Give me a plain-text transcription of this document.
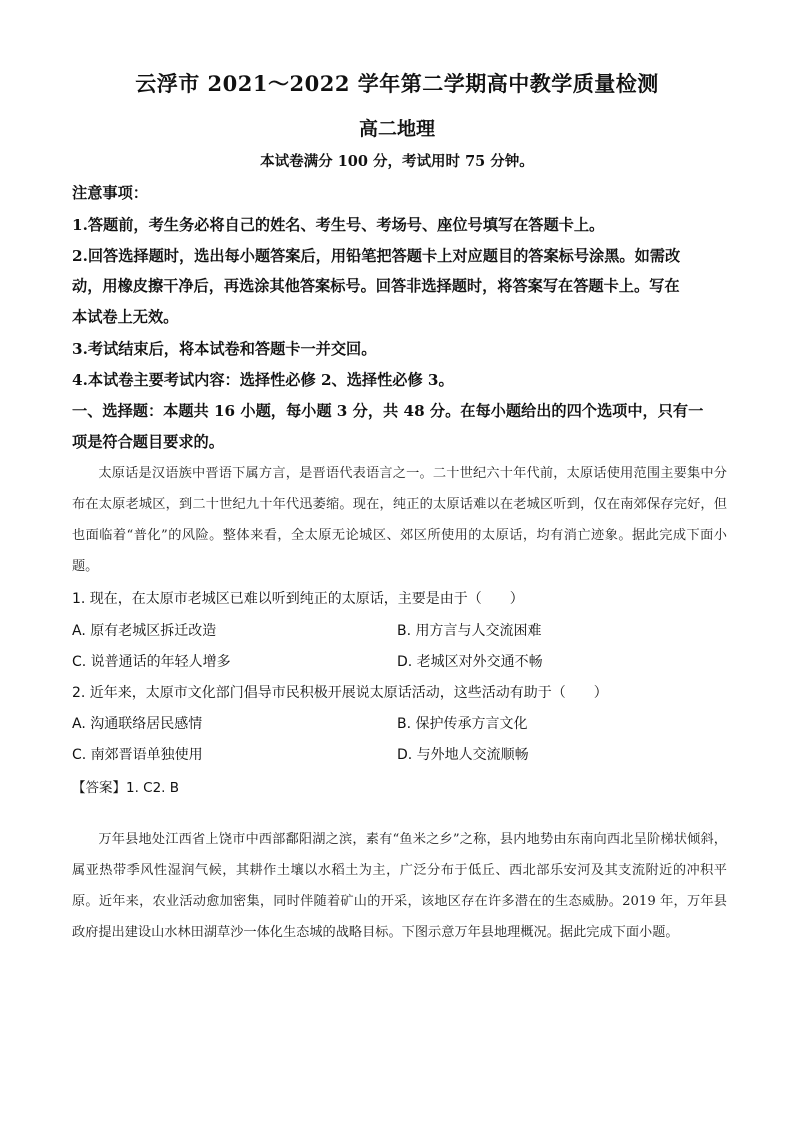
云浮市 2021～2022 学年第二学期高中教学质量检测
高二地理
本试卷满分 100 分，考试用时 75 分钟。
注意事项：
1.答题前，考生务必将自己的姓名、考生号、考场号、座位号填写在答题卡上。
2.回答选择题时，选出每小题答案后，用铅笔把答题卡上对应题目的答案标号涂黑。如需改
动，用橡皮擦干净后，再选涂其他答案标号。回答非选择题时，将答案写在答题卡上。写在
本试卷上无效。
3.考试结束后，将本试卷和答题卡一并交回。
4.本试卷主要考试内容：选择性必修 2、选择性必修 3。
一、选择题：本题共 16 小题，每小题 3 分，共 48 分。在每小题给出的四个选项中，只有一
项是符合题目要求的。
太原话是汉语族中晋语下属方言，是晋语代表语言之一。二十世纪六十年代前，太原话使用范围主要集中分布在太原老城区，到二十世纪九十年代迅萎缩。现在，纯正的太原话难以在老城区听到，仅在南郊保存完好，但也面临着“普化”的风险。整体来看，全太原无论城区、郊区所使用的太原话，均有消亡迹象。据此完成下面小题。
1. 现在，在太原市老城区已难以听到纯正的太原话，主要是由于（　　）
A. 原有老城区拆迁改造	B. 用方言与人交流困难
C. 说普通话的年轻人增多	D. 老城区对外交通不畅
2. 近年来，太原市文化部门倡导市民积极开展说太原话活动，这些活动有助于（　　）
A. 沟通联络居民感情	B. 保护传承方言文化
C. 南郊晋语单独使用	D. 与外地人交流顺畅
【答案】1. C2. B
万年县地处江西省上饶市中西部鄱阳湖之滨，素有“鱼米之乡”之称，县内地势由东南向西北呈阶梯状倾斜，属亚热带季风性湿润气候，其耕作土壤以水稻土为主，广泛分布于低丘、西北部乐安河及其支流附近的冲积平原。近年来，农业活动愈加密集，同时伴随着矿山的开采，该地区存在许多潜在的生态威胁。2019 年，万年县政府提出建设山水林田湖草沙一体化生态城的战略目标。下图示意万年县地理概况。据此完成下面小题。
